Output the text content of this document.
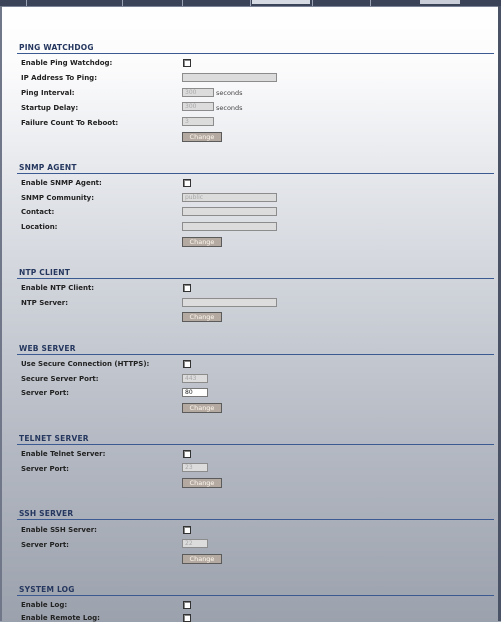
PING WATCHDOG
Enable Ping Watchdog:
IP Address To Ping:
Ping Interval:	300	seconds
Startup Delay:	300	seconds
Failure Count To Reboot:	3
Change
SNMP AGENT
Enable SNMP Agent:
SNMP Community:	public
Contact:
Location:
Change
NTP CLIENT
Enable NTP Client:
NTP Server:
Change
WEB SERVER
Use Secure Connection (HTTPS):
Secure Server Port:	443
Server Port:	80
Change
TELNET SERVER
Enable Telnet Server:
Server Port:	23
Change
SSH SERVER
Enable SSH Server:
Server Port:	22
Change
SYSTEM LOG
Enable Log:
Enable Remote Log:
